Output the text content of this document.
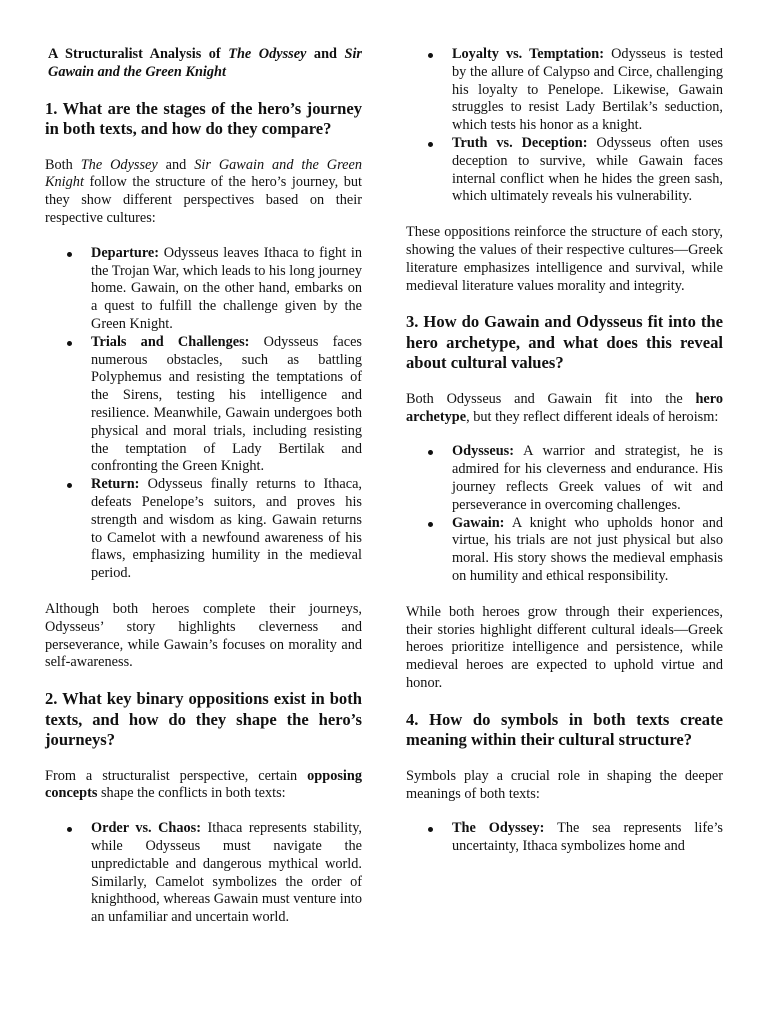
A Structuralist Analysis of The Odyssey and Sir Gawain and the Green Knight
1. What are the stages of the hero’s journey in both texts, and how do they compare?

Both The Odyssey and Sir Gawain and the Green Knight follow the structure of the hero’s journey, but they show different perspectives based on their respective cultures:

Departure: Odysseus leaves Ithaca to fight in the Trojan War, which leads to his long journey home. Gawain, on the other hand, embarks on a quest to fulfill the challenge given by the Green Knight.
Trials and Challenges: Odysseus faces numerous obstacles, such as battling Polyphemus and resisting the temptations of the Sirens, testing his intelligence and resilience. Meanwhile, Gawain undergoes both physical and moral trials, including resisting the temptation of Lady Bertilak and confronting the Green Knight.
Return: Odysseus finally returns to Ithaca, defeats Penelope’s suitors, and proves his strength and wisdom as king. Gawain returns to Camelot with a newfound awareness of his flaws, emphasizing humility in the medieval period.

Although both heroes complete their journeys, Odysseus’ story highlights cleverness and perseverance, while Gawain’s focuses on morality and self-awareness.

2. What key binary oppositions exist in both texts, and how do they shape the hero’s journeys?

From a structuralist perspective, certain opposing concepts shape the conflicts in both texts:

Order vs. Chaos: Ithaca represents stability, while Odysseus must navigate the unpredictable and dangerous mythical world. Similarly, Camelot symbolizes the order of knighthood, whereas Gawain must venture into an unfamiliar and uncertain world.
Loyalty vs. Temptation: Odysseus is tested by the allure of Calypso and Circe, challenging his loyalty to Penelope. Likewise, Gawain struggles to resist Lady Bertilak’s seduction, which tests his honor as a knight.
Truth vs. Deception: Odysseus often uses deception to survive, while Gawain faces internal conflict when he hides the green sash, which ultimately reveals his vulnerability.

These oppositions reinforce the structure of each story, showing the values of their respective cultures—Greek literature emphasizes intelligence and survival, while medieval literature values morality and integrity.

3. How do Gawain and Odysseus fit into the hero archetype, and what does this reveal about cultural values?

Both Odysseus and Gawain fit into the hero archetype, but they reflect different ideals of heroism:

Odysseus: A warrior and strategist, he is admired for his cleverness and endurance. His journey reflects Greek values of wit and perseverance in overcoming challenges.
Gawain: A knight who upholds honor and virtue, his trials are not just physical but also moral. His story shows the medieval emphasis on humility and ethical responsibility.

While both heroes grow through their experiences, their stories highlight different cultural ideals—Greek heroes prioritize intelligence and persistence, while medieval heroes are expected to uphold virtue and honor.

4. How do symbols in both texts create meaning within their cultural structure?

Symbols play a crucial role in shaping the deeper meanings of both texts:

The Odyssey: The sea represents life’s uncertainty, Ithaca symbolizes home and
